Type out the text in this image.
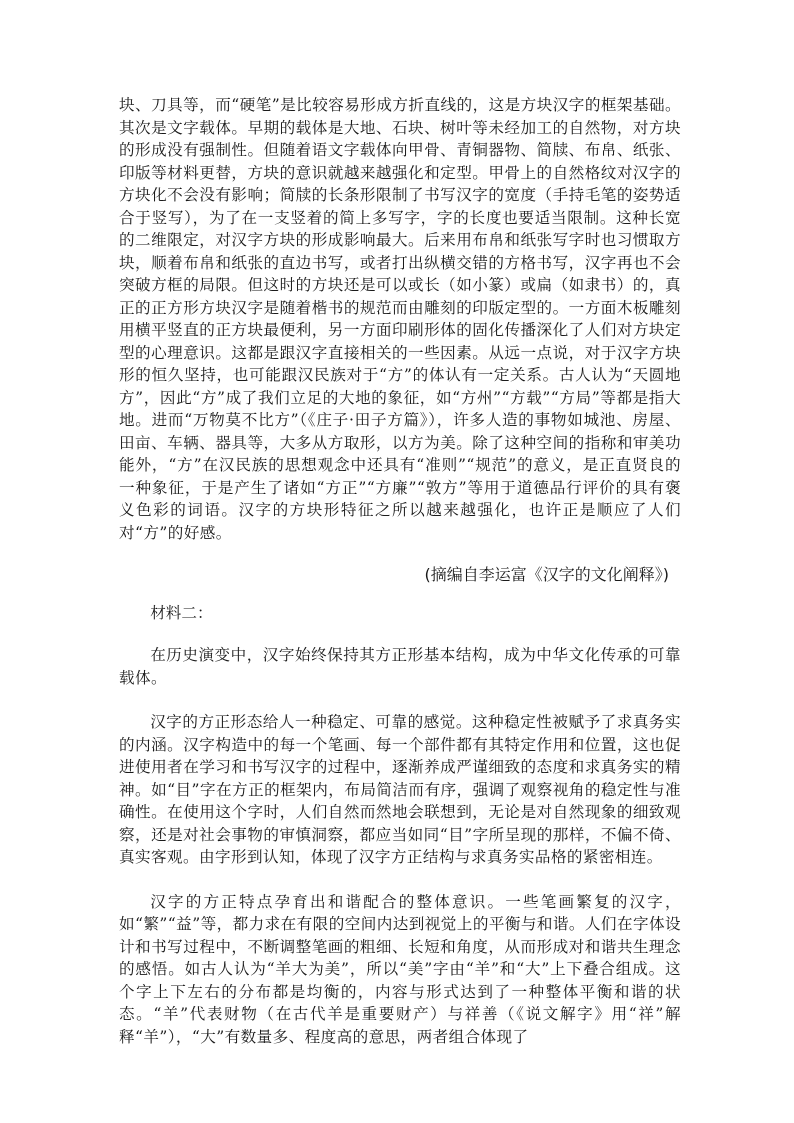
块、刀具等，而“硬笔”是比较容易形成方折直线的，这是方块汉字的框架基础。其次是文字载体。早期的载体是大地、石块、树叶等未经加工的自然物，对方块的形成没有强制性。但随着语文字载体向甲骨、青铜器物、简牍、布帛、纸张、印版等材料更替，方块的意识就越来越强化和定型。甲骨上的自然格纹对汉字的方块化不会没有影响；简牍的长条形限制了书写汉字的宽度（手持毛笔的姿势适合于竖写），为了在一支竖着的简上多写字，字的长度也要适当限制。这种长宽的二维限定，对汉字方块的形成影响最大。后来用布帛和纸张写字时也习惯取方块，顺着布帛和纸张的直边书写，或者打出纵横交错的方格书写，汉字再也不会突破方框的局限。但这时的方块还是可以或长（如小篆）或扁（如隶书）的，真正的正方形方块汉字是随着楷书的规范而由雕刻的印版定型的。一方面木板雕刻用横平竖直的正方块最便利，另一方面印刷形体的固化传播深化了人们对方块定型的心理意识。这都是跟汉字直接相关的一些因素。从远一点说，对于汉字方块形的恒久坚持，也可能跟汉民族对于“方”的体认有一定关系。古人认为“天圆地方”，因此“方”成了我们立足的大地的象征，如“方州”“方载”“方局”等都是指大地。进而“万物莫不比方”（《庄子·田子方篇》），许多人造的事物如城池、房屋、田亩、车辆、器具等，大多从方取形，以方为美。除了这种空间的指称和审美功能外，“方”在汉民族的思想观念中还具有“准则”“规范”的意义，是正直贤良的一种象征，于是产生了诸如“方正”“方廉”“敦方”等用于道德品行评价的具有褒义色彩的词语。汉字的方块形特征之所以越来越强化，也许正是顺应了人们对“方”的好感。

(摘编自李运富《汉字的文化阐释》)

材料二：

在历史演变中，汉字始终保持其方正形基本结构，成为中华文化传承的可靠载体。

汉字的方正形态给人一种稳定、可靠的感觉。这种稳定性被赋予了求真务实的内涵。汉字构造中的每一个笔画、每一个部件都有其特定作用和位置，这也促进使用者在学习和书写汉字的过程中，逐渐养成严谨细致的态度和求真务实的精神。如“目”字在方正的框架内，布局简洁而有序，强调了观察视角的稳定性与准确性。在使用这个字时，人们自然而然地会联想到，无论是对自然现象的细致观察，还是对社会事物的审慎洞察，都应当如同“目”字所呈现的那样，不偏不倚、真实客观。由字形到认知，体现了汉字方正结构与求真务实品格的紧密相连。

汉字的方正特点孕育出和谐配合的整体意识。一些笔画繁复的汉字，如“繁”“益”等，都力求在有限的空间内达到视觉上的平衡与和谐。人们在字体设计和书写过程中，不断调整笔画的粗细、长短和角度，从而形成对和谐共生理念的感悟。如古人认为“羊大为美”，所以“美”字由“羊”和“大”上下叠合组成。这个字上下左右的分布都是均衡的，内容与形式达到了一种整体平衡和谐的状态。“羊”代表财物（在古代羊是重要财产）与祥善（《说文解字》用“祥”解释“羊”），“大”有数量多、程度高的意思，两者组合体现了
